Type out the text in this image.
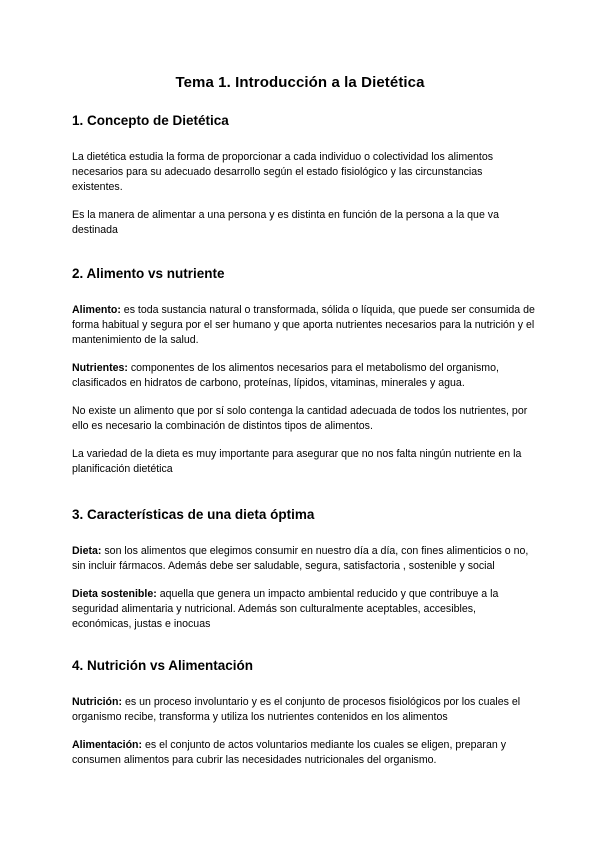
Tema 1. Introducción a la Dietética
1. Concepto de Dietética

La dietética estudia la forma de proporcionar a cada individuo o colectividad los alimentos necesarios para su adecuado desarrollo según el estado fisiológico y las circunstancias existentes.

Es la manera de alimentar a una persona y es distinta en función de la persona a la que va destinada

2. Alimento vs nutriente

Alimento: es toda sustancia natural o transformada, sólida o líquida, que puede ser consumida de forma habitual y segura por el ser humano y que aporta nutrientes necesarios para la nutrición y el mantenimiento de la salud.

Nutrientes: componentes de los alimentos necesarios para el metabolismo del organismo, clasificados en hidratos de carbono, proteínas, lípidos, vitaminas, minerales y agua.

No existe un alimento que por sí solo contenga la cantidad adecuada de todos los nutrientes, por ello es necesario la combinación de distintos tipos de alimentos.

La variedad de la dieta es muy importante para asegurar que no nos falta ningún nutriente en la planificación dietética

3. Características de una dieta óptima

Dieta: son los alimentos que elegimos consumir en nuestro día a día, con fines alimenticios o no, sin incluir fármacos. Además debe ser saludable, segura, satisfactoria , sostenible y social

Dieta sostenible: aquella que genera un impacto ambiental reducido y que contribuye a la seguridad alimentaria y nutricional. Además son culturalmente aceptables, accesibles, económicas, justas e inocuas

4. Nutrición vs Alimentación

Nutrición: es un proceso involuntario y es el conjunto de procesos fisiológicos por los cuales el organismo recibe, transforma y utiliza los nutrientes contenidos en los alimentos

Alimentación: es el conjunto de actos voluntarios mediante los cuales se eligen, preparan y consumen alimentos para cubrir las necesidades nutricionales del organismo.
